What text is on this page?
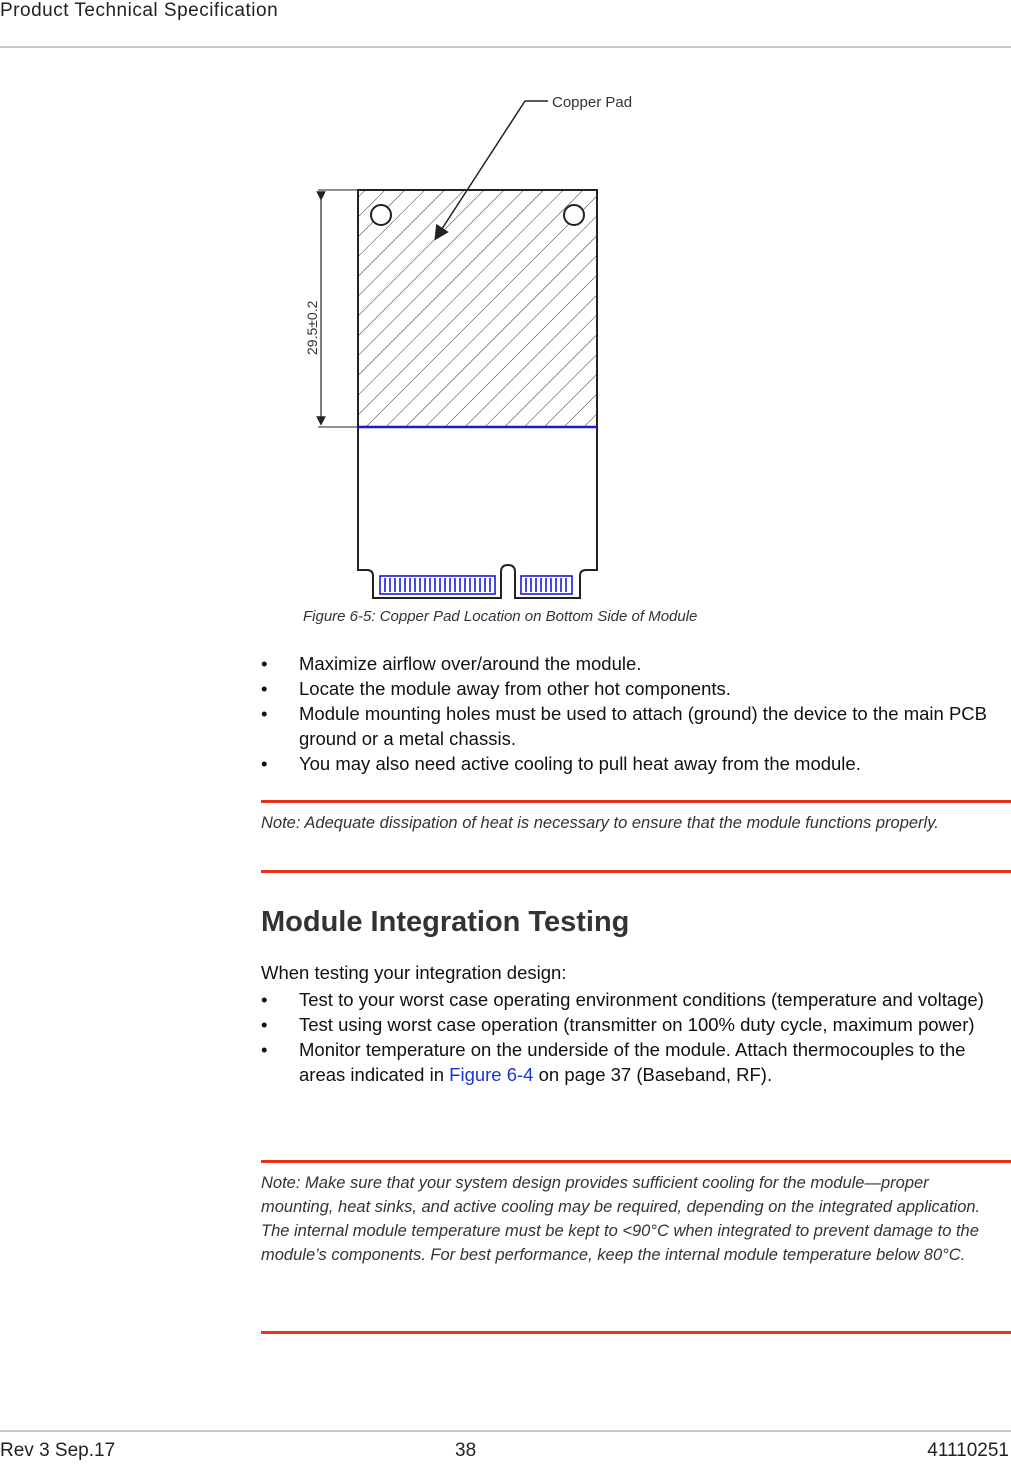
Product Technical Specification
29.5±0.2
Copper Pad
Figure 6-5: Copper Pad Location on Bottom Side of Module
• Maximize airflow over/around the module.
• Locate the module away from other hot components.
• Module mounting holes must be used to attach (ground) the device to the main PCB ground or a metal chassis.
• You may also need active cooling to pull heat away from the module.
Note: Adequate dissipation of heat is necessary to ensure that the module functions properly.
Module Integration Testing
When testing your integration design:
• Test to your worst case operating environment conditions (temperature and voltage)
• Test using worst case operation (transmitter on 100% duty cycle, maximum power)
• Monitor temperature on the underside of the module. Attach thermocouples to the areas indicated in Figure 6-4 on page 37 (Baseband, RF).
Note: Make sure that your system design provides sufficient cooling for the module—proper mounting, heat sinks, and active cooling may be required, depending on the integrated application.
The internal module temperature must be kept to <90°C when integrated to prevent damage to the module’s components. For best performance, keep the internal module temperature below 80°C.
Rev 3 Sep.17	38	41110251
